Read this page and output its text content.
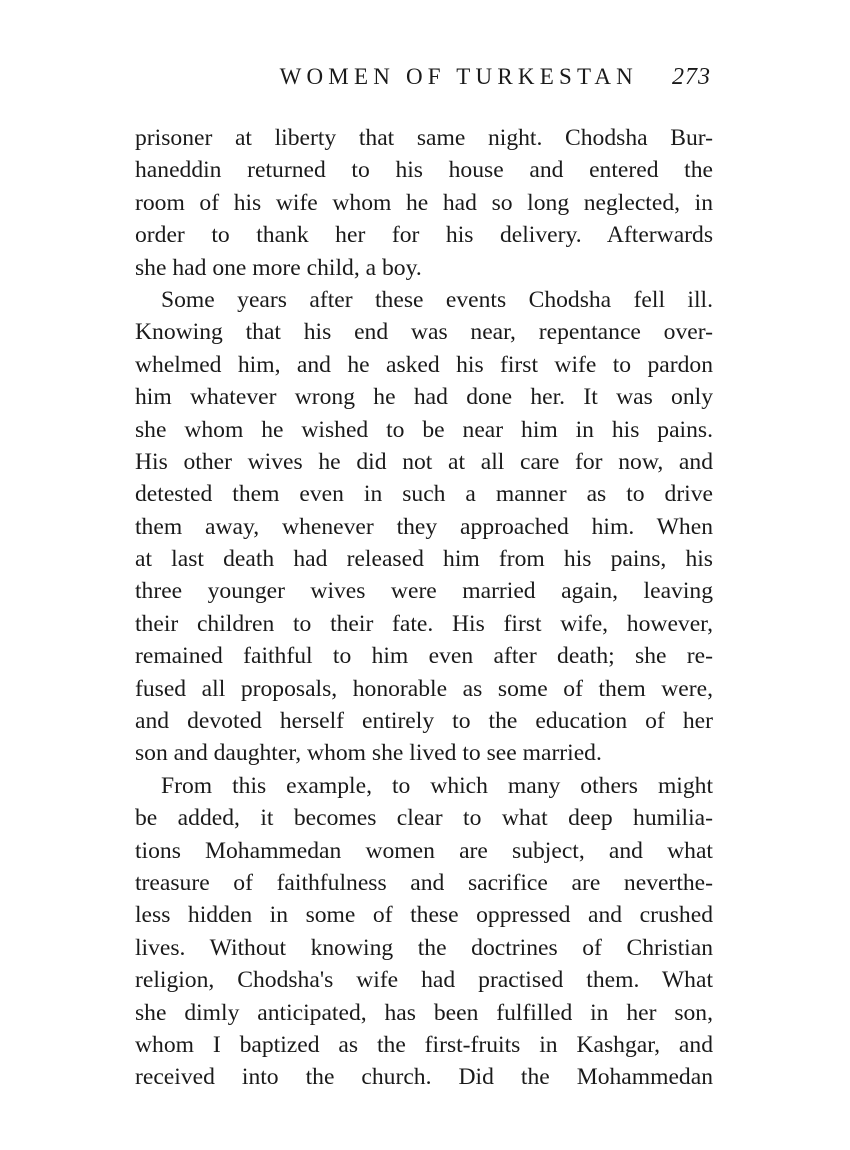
WOMEN OF TURKESTAN 273
prisoner at liberty that same night. Chodsha Bur-
haneddin returned to his house and entered the
room of his wife whom he had so long neglected, in
order to thank her for his delivery. Afterwards
she had one more child, a boy.
Some years after these events Chodsha fell ill.
Knowing that his end was near, repentance over-
whelmed him, and he asked his first wife to pardon
him whatever wrong he had done her. It was only
she whom he wished to be near him in his pains.
His other wives he did not at all care for now, and
detested them even in such a manner as to drive
them away, whenever they approached him. When
at last death had released him from his pains, his
three younger wives were married again, leaving
their children to their fate. His first wife, however,
remained faithful to him even after death; she re-
fused all proposals, honorable as some of them were,
and devoted herself entirely to the education of her
son and daughter, whom she lived to see married.
From this example, to which many others might
be added, it becomes clear to what deep humilia-
tions Mohammedan women are subject, and what
treasure of faithfulness and sacrifice are neverthe-
less hidden in some of these oppressed and crushed
lives. Without knowing the doctrines of Christian
religion, Chodsha's wife had practised them. What
she dimly anticipated, has been fulfilled in her son,
whom I baptized as the first-fruits in Kashgar, and
received into the church. Did the Mohammedan
